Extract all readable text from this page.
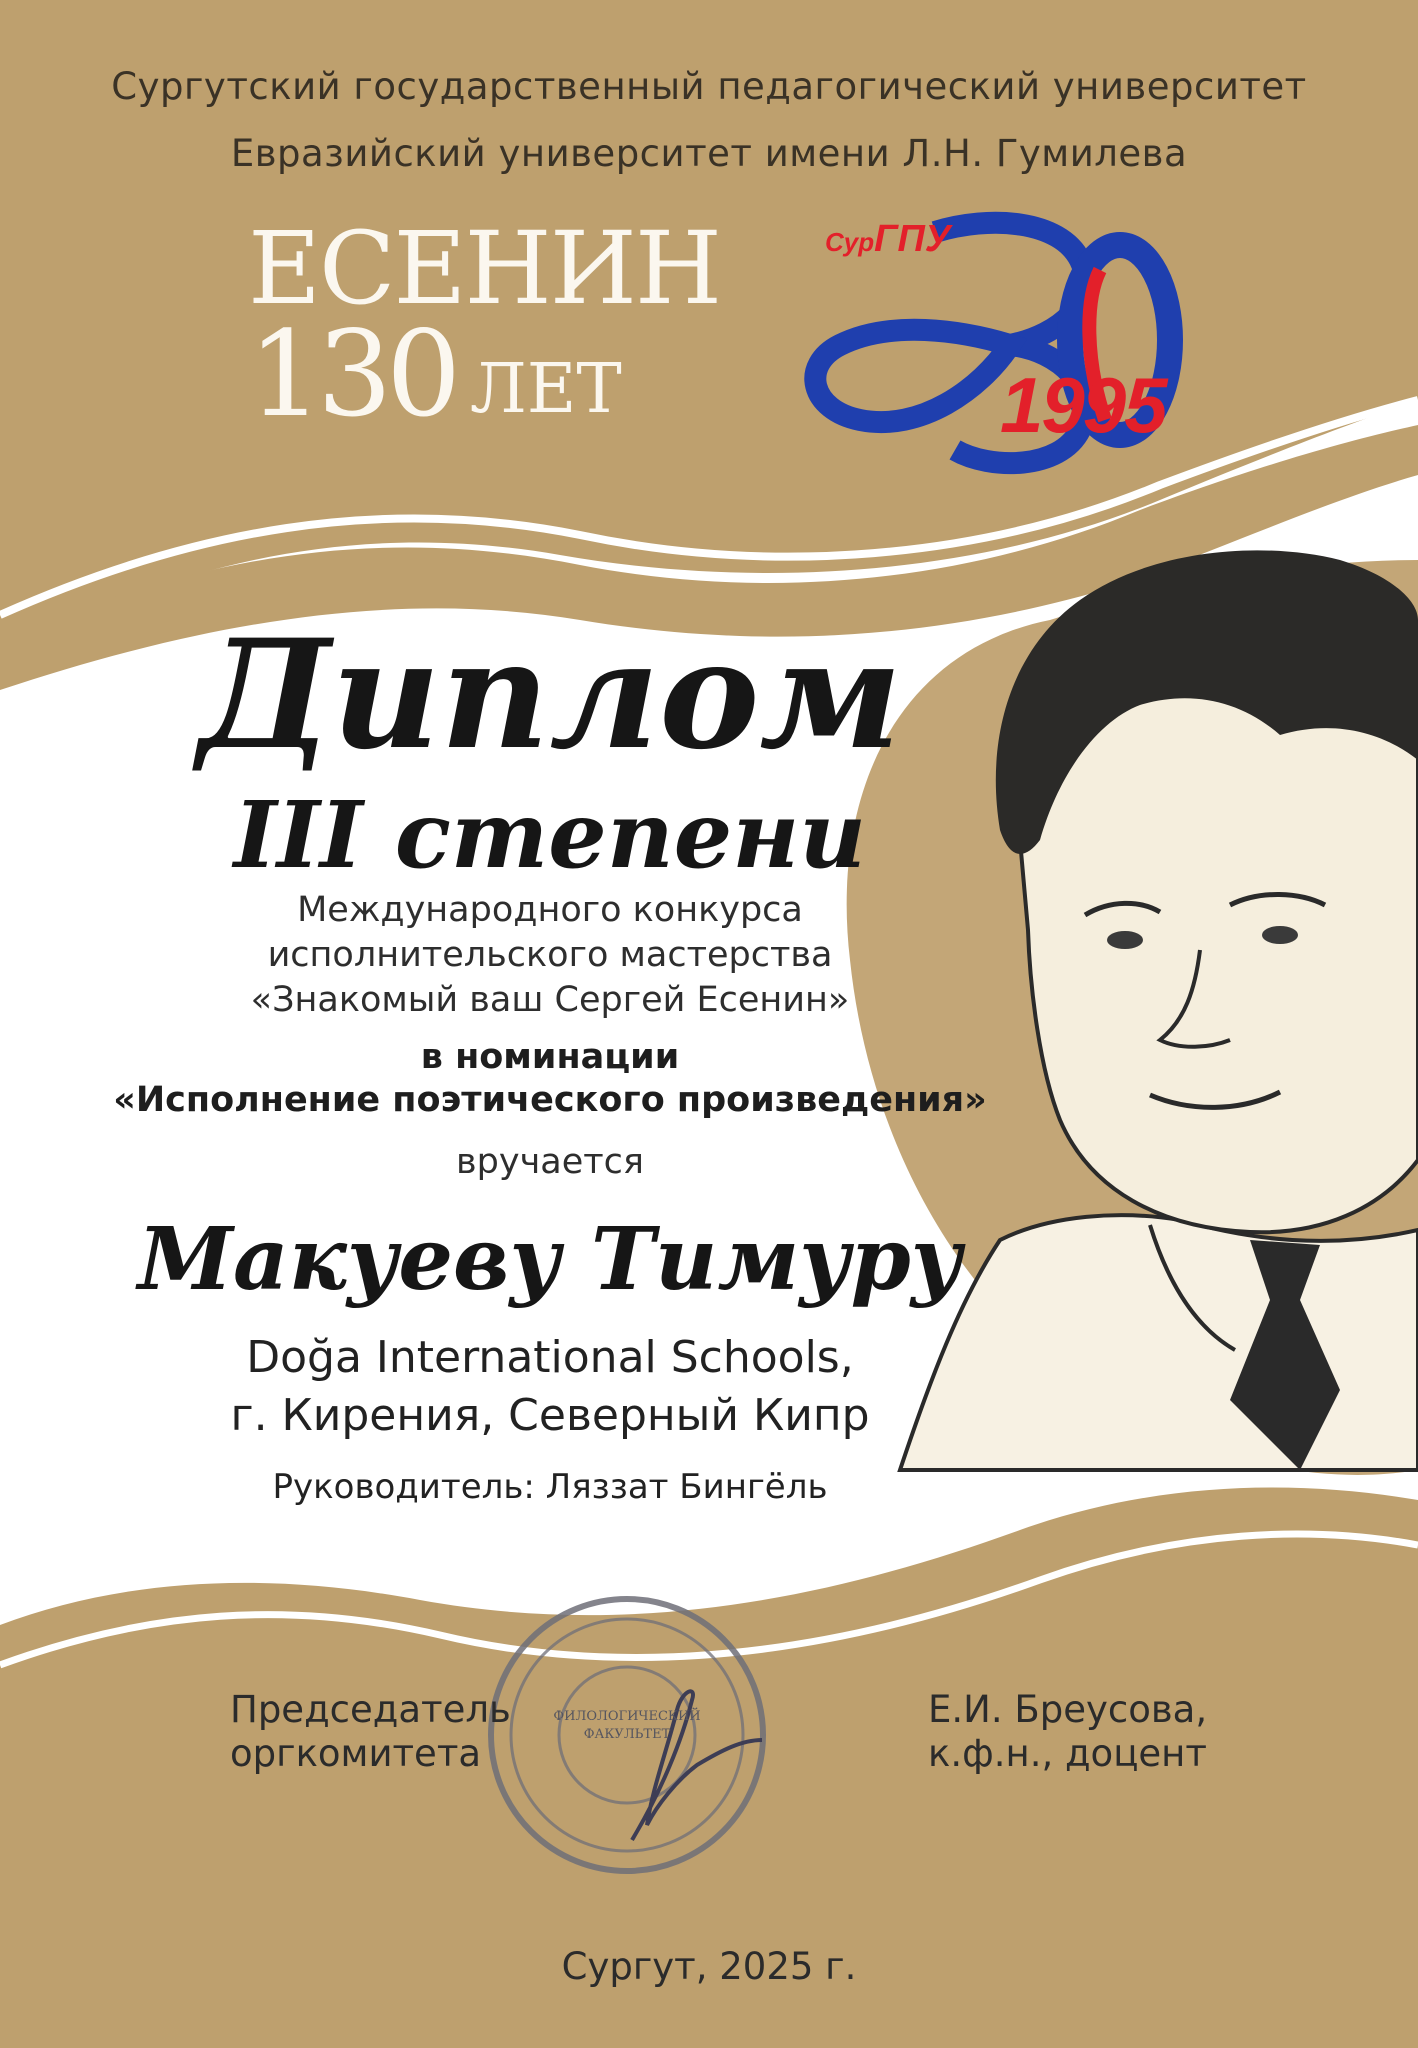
Сургутский государственный педагогический университет
Евразийский университет имени Л.Н. Гумилева
ЕСЕНИН
130 ЛЕТ
СурГПУ
1995
Диплом
III степени
Международного конкурса
исполнительского мастерства
«Знакомый ваш Сергей Есенин»
в номинации
«Исполнение поэтического произведения»
вручается
Макуеву Тимуру
Doğa International Schools,
г. Кирения, Северный Кипр
Руководитель: Ляззат Бингёль
ФИЛОЛОГИЧЕСКИЙ
ФАКУЛЬТЕТ
Председатель
оргкомитета
Е.И. Бреусова,
к.ф.н., доцент
Сургут, 2025 г.
